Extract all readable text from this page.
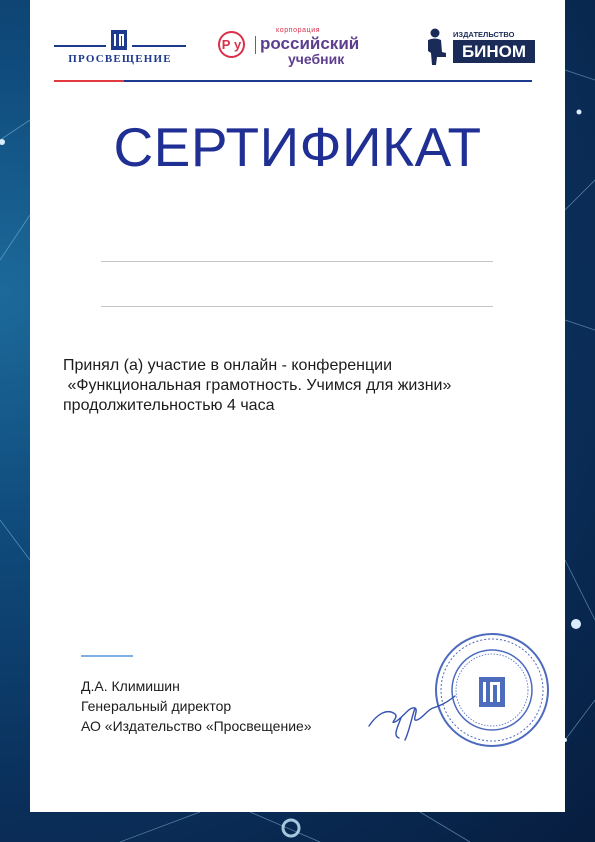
ПРОСВЕЩЕНИЕ
Р у
корпорация
российский
учебник
ИЗДАТЕЛЬСТВО
БИНОМ
СЕРТИФИКАТ
Принял (а) участие в онлайн - конференции
«Функциональная грамотность. Учимся для жизни»
продолжительностью 4 часа
Д.А. Климишин
Генеральный директор
АО «Издательство «Просвещение»
